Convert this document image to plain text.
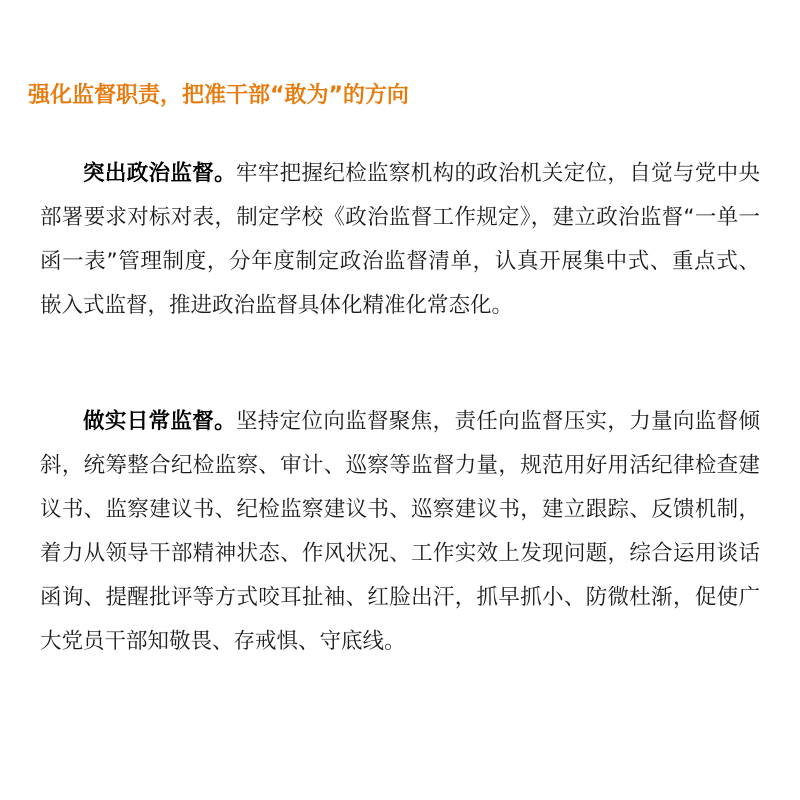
强化监督职责，把准干部“敢为”的方向

突出政治监督。牢牢把握纪检监察机构的政治机关定位，自觉与党中央部署要求对标对表，制定学校《政治监督工作规定》，建立政治监督“一单一函一表”管理制度，分年度制定政治监督清单，认真开展集中式、重点式、嵌入式监督，推进政治监督具体化精准化常态化。

做实日常监督。坚持定位向监督聚焦，责任向监督压实，力量向监督倾斜，统筹整合纪检监察、审计、巡察等监督力量，规范用好用活纪律检查建议书、监察建议书、纪检监察建议书、巡察建议书，建立跟踪、反馈机制，着力从领导干部精神状态、作风状况、工作实效上发现问题，综合运用谈话函询、提醒批评等方式咬耳扯袖、红脸出汗，抓早抓小、防微杜渐，促使广大党员干部知敬畏、存戒惧、守底线。
